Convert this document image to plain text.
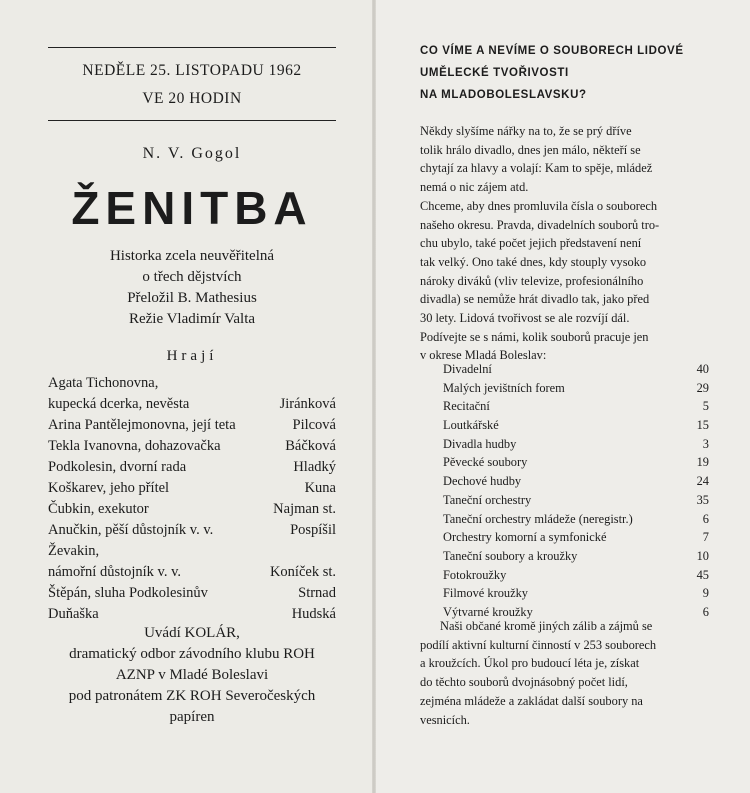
NEDĚLE 25. LISTOPADU 1962
VE 20 HODIN
N. V. Gogol
ŽENITBA
Historka zcela neuvěřitelná
o třech dějstvích
Přeložil B. Mathesius
Režie Vladimír Valta
Hrají
Agata Tichonovna,
kupecká dcerka, nevěsta	Jiránková
Arina Pantělejmonovna, její teta	Pilcová
Tekla Ivanovna, dohazovačka	Báčková
Podkolesin, dvorní rada	Hladký
Koškarev, jeho přítel	Kuna
Čubkin, exekutor	Najman st.
Anučkin, pěší důstojník v. v.	Pospíšil
Ževakin,
námořní důstojník v. v.	Koníček st.
Štěpán, sluha Podkolesinův	Strnad
Duňaška	Hudská
Uvádí KOLÁR,
dramatický odbor závodního klubu ROH
AZNP v Mladé Boleslavi
pod patronátem ZK ROH Severočeských
papíren
CO VÍME A NEVÍME O SOUBORECH LIDOVÉ
UMĚLECKÉ TVOŘIVOSTI
NA MLADOBOLESLAVSKU?

Někdy slyšíme nářky na to, že se prý dříve
tolik hrálo divadlo, dnes jen málo, někteří se
chytají za hlavy a volají: Kam to spěje, mládež
nemá o nic zájem atd.

Chceme, aby dnes promluvila čísla o souborech
našeho okresu. Pravda, divadelních souborů tro-
chu ubylo, také počet jejich představení není
tak velký. Ono také dnes, kdy stouply vysoko
nároky diváků (vliv televize, profesionálního
divadla) se nemůže hrát divadlo tak, jako před
30 lety. Lidová tvořivost se ale rozvíjí dál.
Podívejte se s námi, kolik souborů pracuje jen
v okrese Mladá Boleslav:

Divadelní	40
Malých jevištních forem	29
Recitační	5
Loutkářské	15
Divadla hudby	3
Pěvecké soubory	19
Dechové hudby	24
Taneční orchestry	35
Taneční orchestry mládeže (neregistr.)	6
Orchestry komorní a symfonické	7
Taneční soubory a kroužky	10
Fotokroužky	45
Filmové kroužky	9
Výtvarné kroužky	6

Naši občané kromě jiných zálib a zájmů se
podílí aktivní kulturní činností v 253 souborech
a kroužcích. Úkol pro budoucí léta je, získat
do těchto souborů dvojnásobný počet lidí,
zejména mládeže a zakládat další soubory na
vesnicích.
